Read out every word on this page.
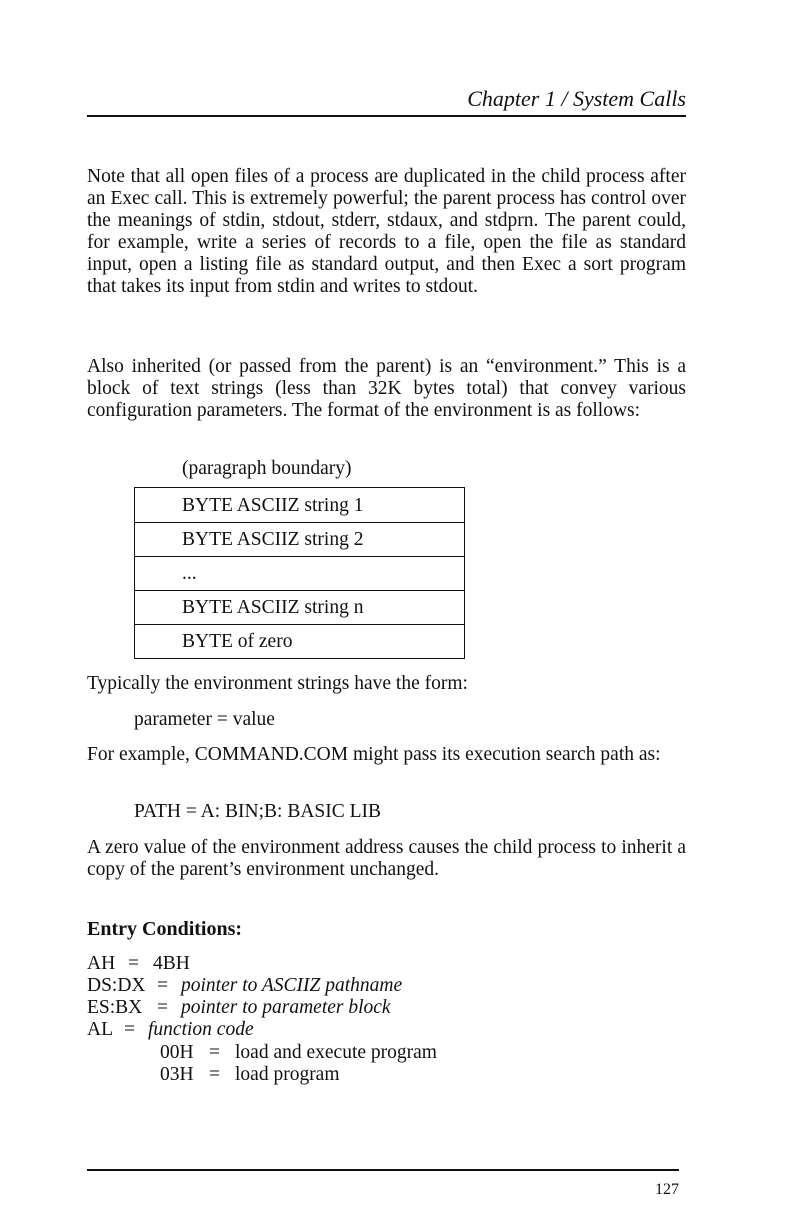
Chapter 1 / System Calls

Note that all open files of a process are duplicated in the child process after an Exec call. This is extremely powerful; the parent process has control over the meanings of stdin, stdout, stderr, stdaux, and stdprn. The parent could, for example, write a series of records to a file, open the file as standard input, open a listing file as standard output, and then Exec a sort program that takes its input from stdin and writes to stdout.

Also inherited (or passed from the parent) is an “environment.” This is a block of text strings (less than 32K bytes total) that convey various configuration parameters. The format of the environment is as follows:

(paragraph boundary)

BYTE ASCIIZ string 1
BYTE ASCIIZ string 2
...
BYTE ASCIIZ string n
BYTE of zero

Typically the environment strings have the form:

parameter = value

For example, COMMAND.COM might pass its execution search path as:

PATH = A: BIN;B: BASIC LIB

A zero value of the environment address causes the child process to inherit a copy of the parent’s environment unchanged.

Entry Conditions:
AH = 4BH
DS:DX = pointer to ASCIIZ pathname
ES:BX = pointer to parameter block
AL = function code
00H = load and execute program
03H = load program
127
